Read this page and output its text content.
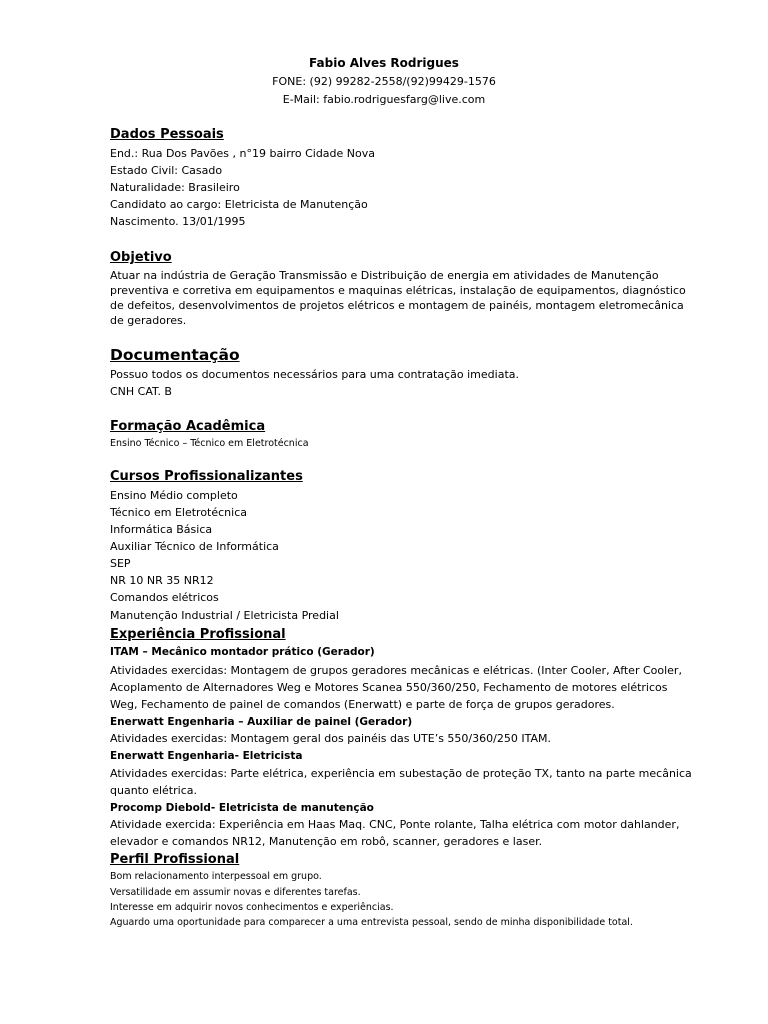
Fabio Alves Rodrigues
FONE: (92) 99282-2558/(92)99429-1576
E-Mail: fabio.rodriguesfarg@live.com
Dados Pessoais
End.: Rua Dos Pavões , n°19 bairro Cidade Nova
Estado Civil: Casado
Naturalidade: Brasileiro
Candidato ao cargo: Eletricista de Manutenção
Nascimento. 13/01/1995
Objetivo
Atuar na indústria de Geração Transmissão e Distribuição de energia em atividades de Manutenção
preventiva e corretiva em equipamentos e maquinas elétricas, instalação de equipamentos, diagnóstico
de defeitos, desenvolvimentos de projetos elétricos e montagem de painéis, montagem eletromecânica
de geradores.
Documentação
Possuo todos os documentos necessários para uma contratação imediata.
CNH CAT. B
Formação Acadêmica
Ensino Técnico – Técnico em Eletrotécnica
Cursos Profissionalizantes
Ensino Médio completo
Técnico em Eletrotécnica
Informática Básica
Auxiliar Técnico de Informática
SEP
NR 10 NR 35 NR12
Comandos elétricos
Manutenção Industrial / Eletricista Predial
Experiência Profissional
ITAM – Mecânico montador prático (Gerador)
Atividades exercidas: Montagem de grupos geradores mecânicas e elétricas. (Inter Cooler, After Cooler,
Acoplamento de Alternadores Weg e Motores Scanea 550/360/250, Fechamento de motores elétricos
Weg, Fechamento de painel de comandos (Enerwatt) e parte de força de grupos geradores.
Enerwatt Engenharia – Auxiliar de painel (Gerador)
Atividades exercidas: Montagem geral dos painéis das UTE’s 550/360/250 ITAM.
Enerwatt Engenharia- Eletricista
Atividades exercidas: Parte elétrica, experiência em subestação de proteção TX, tanto na parte mecânica
quanto elétrica.
Procomp Diebold- Eletricista de manutenção
Atividade exercida: Experiência em Haas Maq. CNC, Ponte rolante, Talha elétrica com motor dahlander,
elevador e comandos NR12, Manutenção em robô, scanner, geradores e laser.
Perfil Profissional
Bom relacionamento interpessoal em grupo.
Versatilidade em assumir novas e diferentes tarefas.
Interesse em adquirir novos conhecimentos e experiências.
Aguardo uma oportunidade para comparecer a uma entrevista pessoal, sendo de minha disponibilidade total.
